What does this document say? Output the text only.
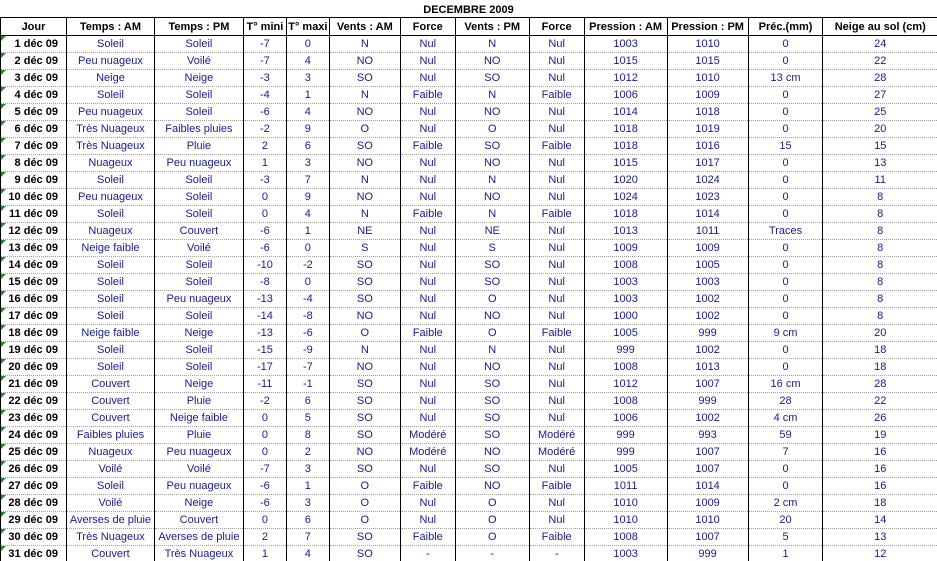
DECEMBRE 2009
Jour	Temps : AM	Temps : PM	T° mini	T° maxi	Vents : AM	Force	Vents : PM	Force	Pression : AM	Pression : PM	Préc.(mm)	Neige au sol (cm)
1 déc 09	Soleil	Soleil	-7	0	N	Nul	N	Nul	1003	1010	0	24
2 déc 09	Peu nuageux	Voilé	-7	4	NO	Nul	NO	Nul	1015	1015	0	22
3 déc 09	Neige	Neige	-3	3	SO	Nul	SO	Nul	1012	1010	13 cm	28
4 déc 09	Soleil	Soleil	-4	1	N	Faible	N	Faible	1006	1009	0	27
5 déc 09	Peu nuageux	Soleil	-6	4	NO	Nul	NO	Nul	1014	1018	0	25
6 déc 09	Très Nuageux	Faibles pluies	-2	9	O	Nul	O	Nul	1018	1019	0	20
7 déc 09	Très Nuageux	Pluie	2	6	SO	Faible	SO	Faible	1018	1016	15	15
8 déc 09	Nuageux	Peu nuageux	1	3	NO	Nul	NO	Nul	1015	1017	0	13
9 déc 09	Soleil	Soleil	-3	7	N	Nul	N	Nul	1020	1024	0	11
10 déc 09	Peu nuageux	Soleil	0	9	NO	Nul	NO	Nul	1024	1023	0	8
11 déc 09	Soleil	Soleil	0	4	N	Faible	N	Faible	1018	1014	0	8
12 déc 09	Nuageux	Couvert	-6	1	NE	Nul	NE	Nul	1013	1011	Traces	8
13 déc 09	Neige faible	Voilé	-6	0	S	Nul	S	Nul	1009	1009	0	8
14 déc 09	Soleil	Soleil	-10	-2	SO	Nul	SO	Nul	1008	1005	0	8
15 déc 09	Soleil	Soleil	-8	0	SO	Nul	SO	Nul	1003	1003	0	8
16 déc 09	Soleil	Peu nuageux	-13	-4	SO	Nul	O	Nul	1003	1002	0	8
17 déc 09	Soleil	Soleil	-14	-8	NO	Nul	NO	Nul	1000	1002	0	8
18 déc 09	Neige faible	Neige	-13	-6	O	Faible	O	Faible	1005	999	9 cm	20
19 déc 09	Soleil	Soleil	-15	-9	N	Nul	N	Nul	999	1002	0	18
20 déc 09	Soleil	Soleil	-17	-7	NO	Nul	NO	Nul	1008	1013	0	18
21 déc 09	Couvert	Neige	-11	-1	SO	Nul	SO	Nul	1012	1007	16 cm	28
22 déc 09	Couvert	Pluie	-2	6	SO	Nul	SO	Nul	1008	999	28	22
23 déc 09	Couvert	Neige faible	0	5	SO	Nul	SO	Nul	1006	1002	4 cm	26
24 déc 09	Faibles pluies	Pluie	0	8	SO	Modéré	SO	Modéré	999	993	59	19
25 déc 09	Nuageux	Peu nuageux	0	2	NO	Modéré	NO	Modéré	999	1007	7	16
26 déc 09	Voilé	Voilé	-7	3	SO	Nul	SO	Nul	1005	1007	0	16
27 déc 09	Soleil	Peu nuageux	-6	1	O	Faible	NO	Faible	1011	1014	0	16
28 déc 09	Voilé	Neige	-6	3	O	Nul	O	Nul	1010	1009	2 cm	18
29 déc 09	Averses de pluie	Couvert	0	6	O	Nul	O	Nul	1010	1010	20	14
30 déc 09	Très Nuageux	Averses de pluie	2	7	SO	Faible	O	Faible	1008	1007	5	13
31 déc 09	Couvert	Très Nuageux	1	4	SO	-	-	-	1003	999	1	12
